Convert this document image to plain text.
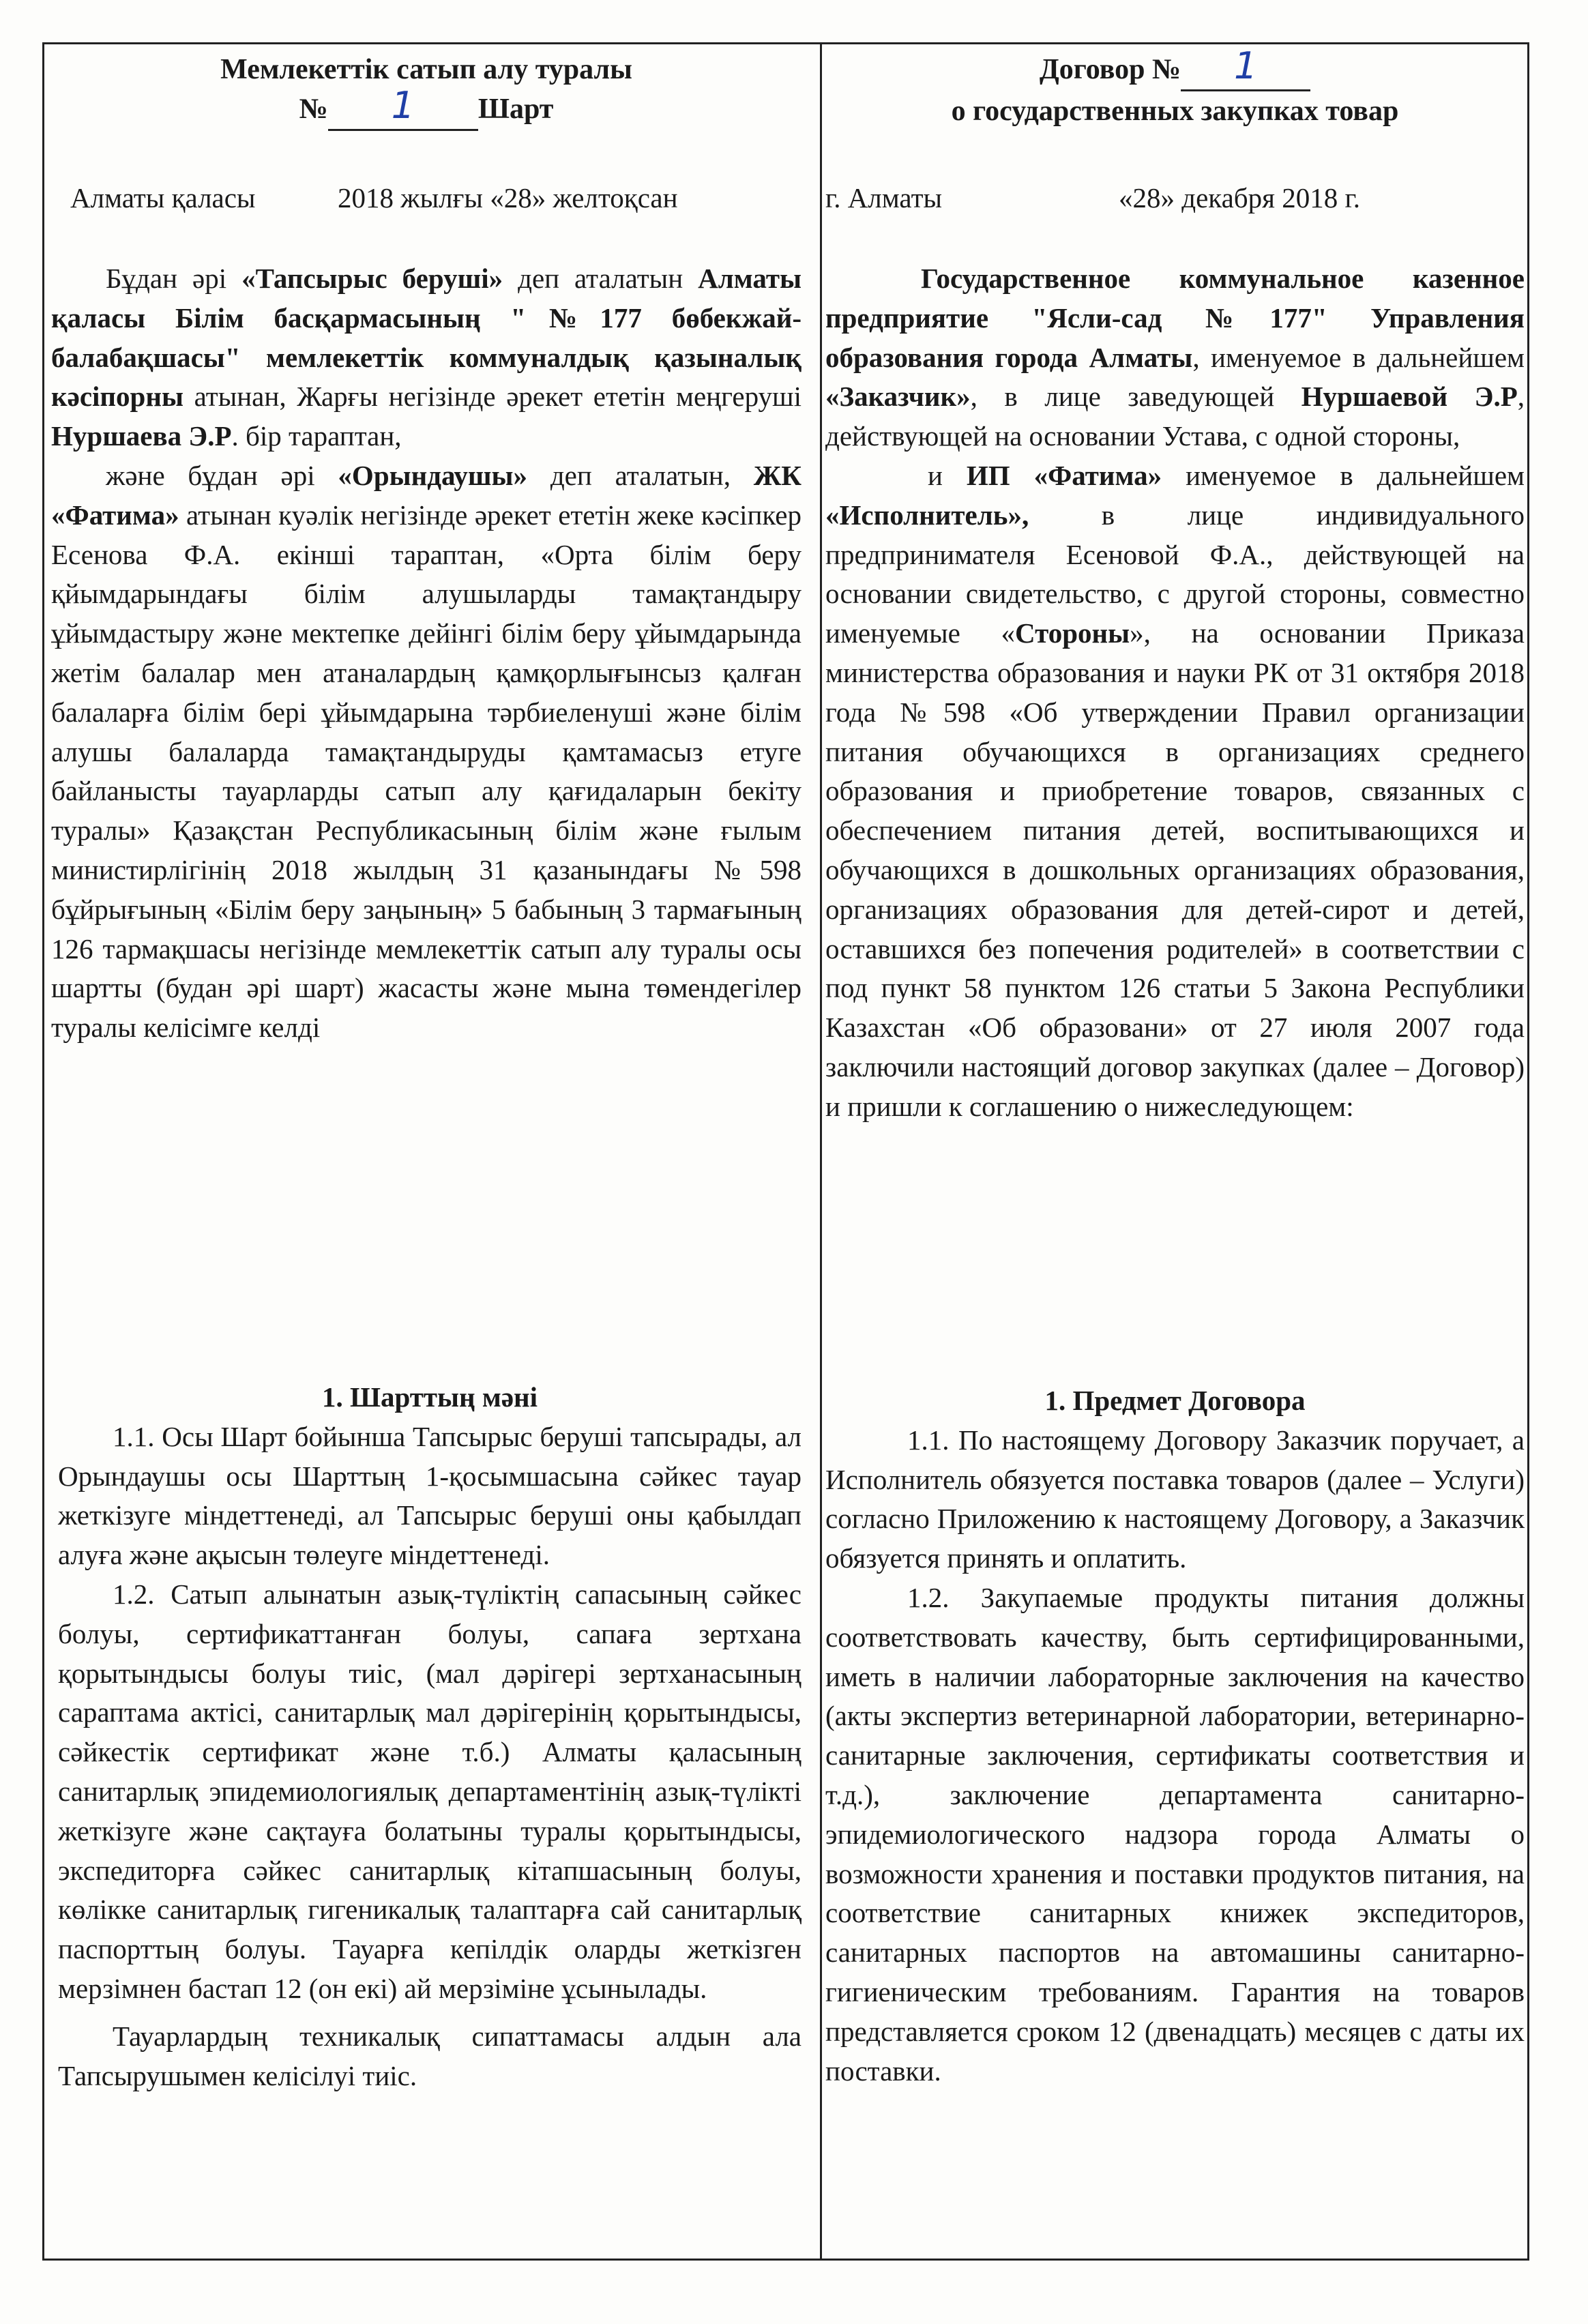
Мемлекеттік сатып алу туралы
№ 1 Шарт
Алматы қаласы	2018 жылғы «28» желтоқсан

Бұдан әрі «Тапсырыс беруші» деп аталатын Алматы қаласы Білім басқармасының "№177 бөбекжай-балабақшасы" мемлекеттік коммуналдық қазыналық кәсіпорны атынан, Жарғы негізінде әрекет ететін меңгеруші Нуршаева Э.Р. бір тараптан,

және бұдан әрі «Орындаушы» деп аталатын, ЖК «Фатима» атынан куәлік негізінде әрекет ететін жеке кәсіпкер Есенова Ф.А. екінші тараптан, «Орта білім беру қйымдарындағы білім алушыларды тамақтандыру ұйымдастыру және мектепке дейінгі білім беру ұйымдарында жетім балалар мен атаналардың қамқорлығынсыз қалған балаларға білім бері ұйымдарына тәрбиеленуші және білім алушы балаларда тамақтандыруды қамтамасыз етуге байланысты тауарларды сатып алу қағидаларын бекіту туралы» Қазақстан Республикасының білім және ғылым министирлігінің 2018 жылдың 31 қазанындағы №598 бұйрығының «Білім беру заңының» 5 бабының 3 тармағының 126 тармақшасы негізінде мемлекеттік сатып алу туралы осы шартты (будан әрі шарт) жасасты және мына төмендегілер туралы келісімге келді

1. Шарттың мәні

1.1. Осы Шарт бойынша Тапсырыс беруші тапсырады, ал Орындаушы осы Шарттың 1-қосымшасына сәйкес тауар жеткізуге міндеттенеді, ал Тапсырыс беруші оны қабылдап алуға және ақысын төлеуге міндеттенеді.

1.2. Сатып алынатын азық-түліктің сапасының сәйкес болуы, сертификаттанған болуы, сапаға зертхана қорытындысы болуы тиіс, (мал дәрігері зертханасының сараптама актісі, санитарлық мал дәрігерінің қорытындысы, сәйкестік сертификат және т.б.) Алматы қаласының санитарлық эпидемиологиялық департаментінің азық-түлікті жеткізуге және сақтауға болатыны туралы қорытындысы, экспедиторға сәйкес санитарлық кітапшасының болуы, көлікке санитарлық гигеникалық талаптарға сай санитарлық паспорттың болуы. Тауарға кепілдік оларды жеткізген мерзімнен бастап 12 (он екі) ай мерзіміне ұсынылады.

Тауарлардың техникалық сипаттамасы алдын ала Тапсырушымен келісілуі тиіс.

Договор № 1
о государственных закупках товар
г. Алматы	«28» декабря 2018 г.

Государственное коммунальное казенное предприятие "Ясли-сад №177" Управления образования города Алматы, именуемое в дальнейшем «Заказчик», в лице заведующей Нуршаевой Э.Р, действующей на основании Устава, с одной стороны,

и ИП «Фатима» именуемое в дальнейшем «Исполнитель», в лице индивидуального предпринимателя Есеновой Ф.А., действующей на основании свидетельство, с другой стороны, совместно именуемые «Стороны», на основании Приказа министерства образования и науки РК от 31 октября 2018 года №598 «Об утверждении Правил организации питания обучающихся в организациях среднего образования и приобретение товаров, связанных с обеспечением питания детей, воспитывающихся и обучающихся в дошкольных организациях образования, организациях образования для детей-сирот и детей, оставшихся без попечения родителей» в соответствии с под пункт 58 пунктом 126 статьи 5 Закона Республики Казахстан «Об образовани» от 27 июля 2007 года заключили настоящий договор закупках (далее – Договор) и пришли к соглашению о нижеследующем:

1. Предмет Договора

1.1. По настоящему Договору Заказчик поручает, а Исполнитель обязуется поставка товаров (далее – Услуги) согласно Приложению к настоящему Договору, а Заказчик обязуется принять и оплатить.

1.2. Закупаемые продукты питания должны соответствовать качеству, быть сертифицированными, иметь в наличии лабораторные заключения на качество (акты экспертиз ветеринарной лаборатории, ветеринарно-санитарные заключения, сертификаты соответствия и т.д.), заключение департамента санитарно-эпидемиологического надзора города Алматы о возможности хранения и поставки продуктов питания, на соответствие санитарных книжек экспедиторов, санитарных паспортов на автомашины санитарно-гигиеническим требованиям. Гарантия на товаров представляется сроком 12 (двенадцать) месяцев с даты их поставки.
